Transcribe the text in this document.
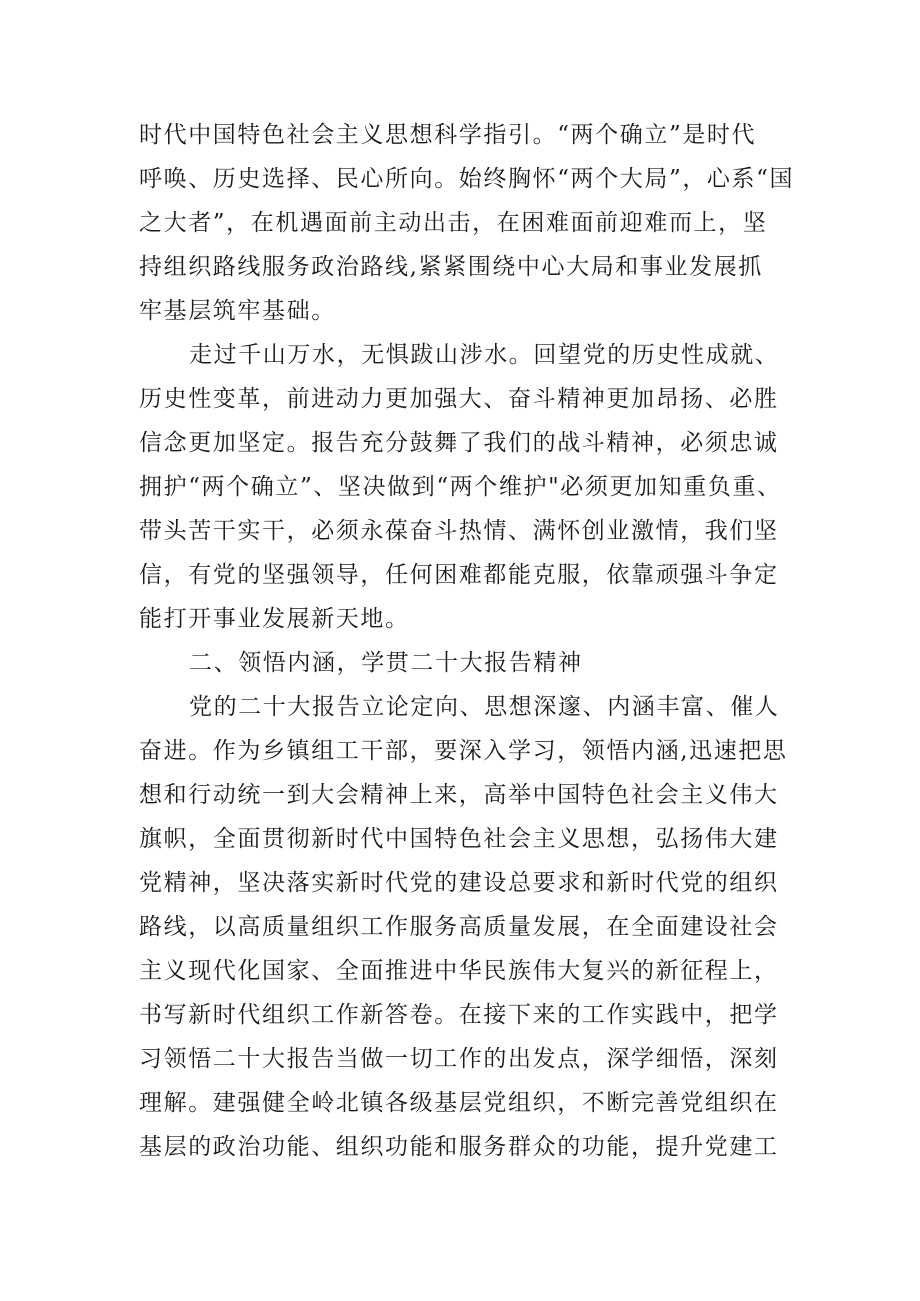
时代中国特色社会主义思想科学指引。“两个确立”是时代
呼唤、历史选择、民心所向。始终胸怀“两个大局”，心系“国
之大者”，在机遇面前主动出击，在困难面前迎难而上，坚
持组织路线服务政治路线,紧紧围绕中心大局和事业发展抓
牢基层筑牢基础。
走过千山万水，无惧跋山涉水。回望党的历史性成就、
历史性变革，前进动力更加强大、奋斗精神更加昂扬、必胜
信念更加坚定。报告充分鼓舞了我们的战斗精神，必须忠诚
拥护“两个确立”、坚决做到“两个维护"必须更加知重负重、
带头苦干实干，必须永葆奋斗热情、满怀创业激情，我们坚
信，有党的坚强领导，任何困难都能克服，依靠顽强斗争定
能打开事业发展新天地。
二、领悟内涵，学贯二十大报告精神
党的二十大报告立论定向、思想深邃、内涵丰富、催人
奋进。作为乡镇组工干部，要深入学习，领悟内涵,迅速把思
想和行动统一到大会精神上来，高举中国特色社会主义伟大
旗帜，全面贯彻新时代中国特色社会主义思想，弘扬伟大建
党精神，坚决落实新时代党的建设总要求和新时代党的组织
路线，以高质量组织工作服务高质量发展，在全面建设社会
主义现代化国家、全面推进中华民族伟大复兴的新征程上，
书写新时代组织工作新答卷。在接下来的工作实践中，把学
习领悟二十大报告当做一切工作的出发点，深学细悟，深刻
理解。建强健全岭北镇各级基层党组织，不断完善党组织在
基层的政治功能、组织功能和服务群众的功能，提升党建工
